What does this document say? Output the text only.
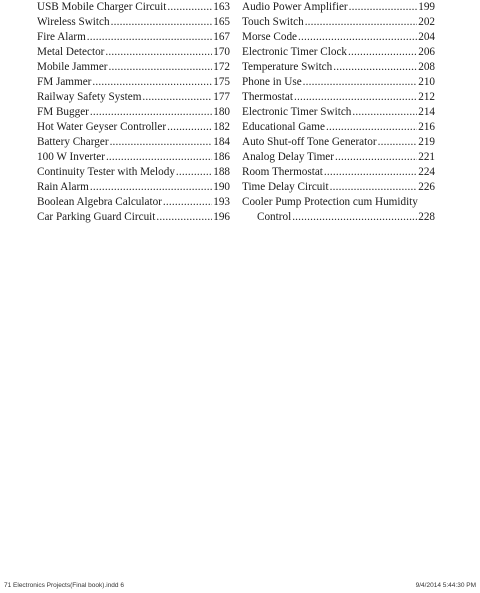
USB Mobile Charger Circuit .....	163
Wireless Switch .....	165
Fire Alarm .....	167
Metal Detector .....	170
Mobile Jammer .....	172
FM Jammer .....	175
Railway Safety System .....	177
FM Bugger .....	180
Hot Water Geyser Controller .....	182
Battery Charger .....	184
100 W Inverter .....	186
Continuity Tester with Melody .....	188
Rain Alarm .....	190
Boolean Algebra Calculator .....	193
Car Parking Guard Circuit .....	196
Audio Power Amplifier .....	199
Touch Switch .....	202
Morse Code .....	204
Electronic Timer Clock .....	206
Temperature Switch .....	208
Phone in Use .....	210
Thermostat .....	212
Electronic Timer Switch .....	214
Educational Game .....	216
Auto Shut-off Tone Generator .....	219
Analog Delay Timer .....	221
Room Thermostat .....	224
Time Delay Circuit .....	226
Cooler Pump Protection cum Humidity
Control .....	228
71 Electronics Projects(Final book).indd 6	9/4/2014 5:44:30 PM
